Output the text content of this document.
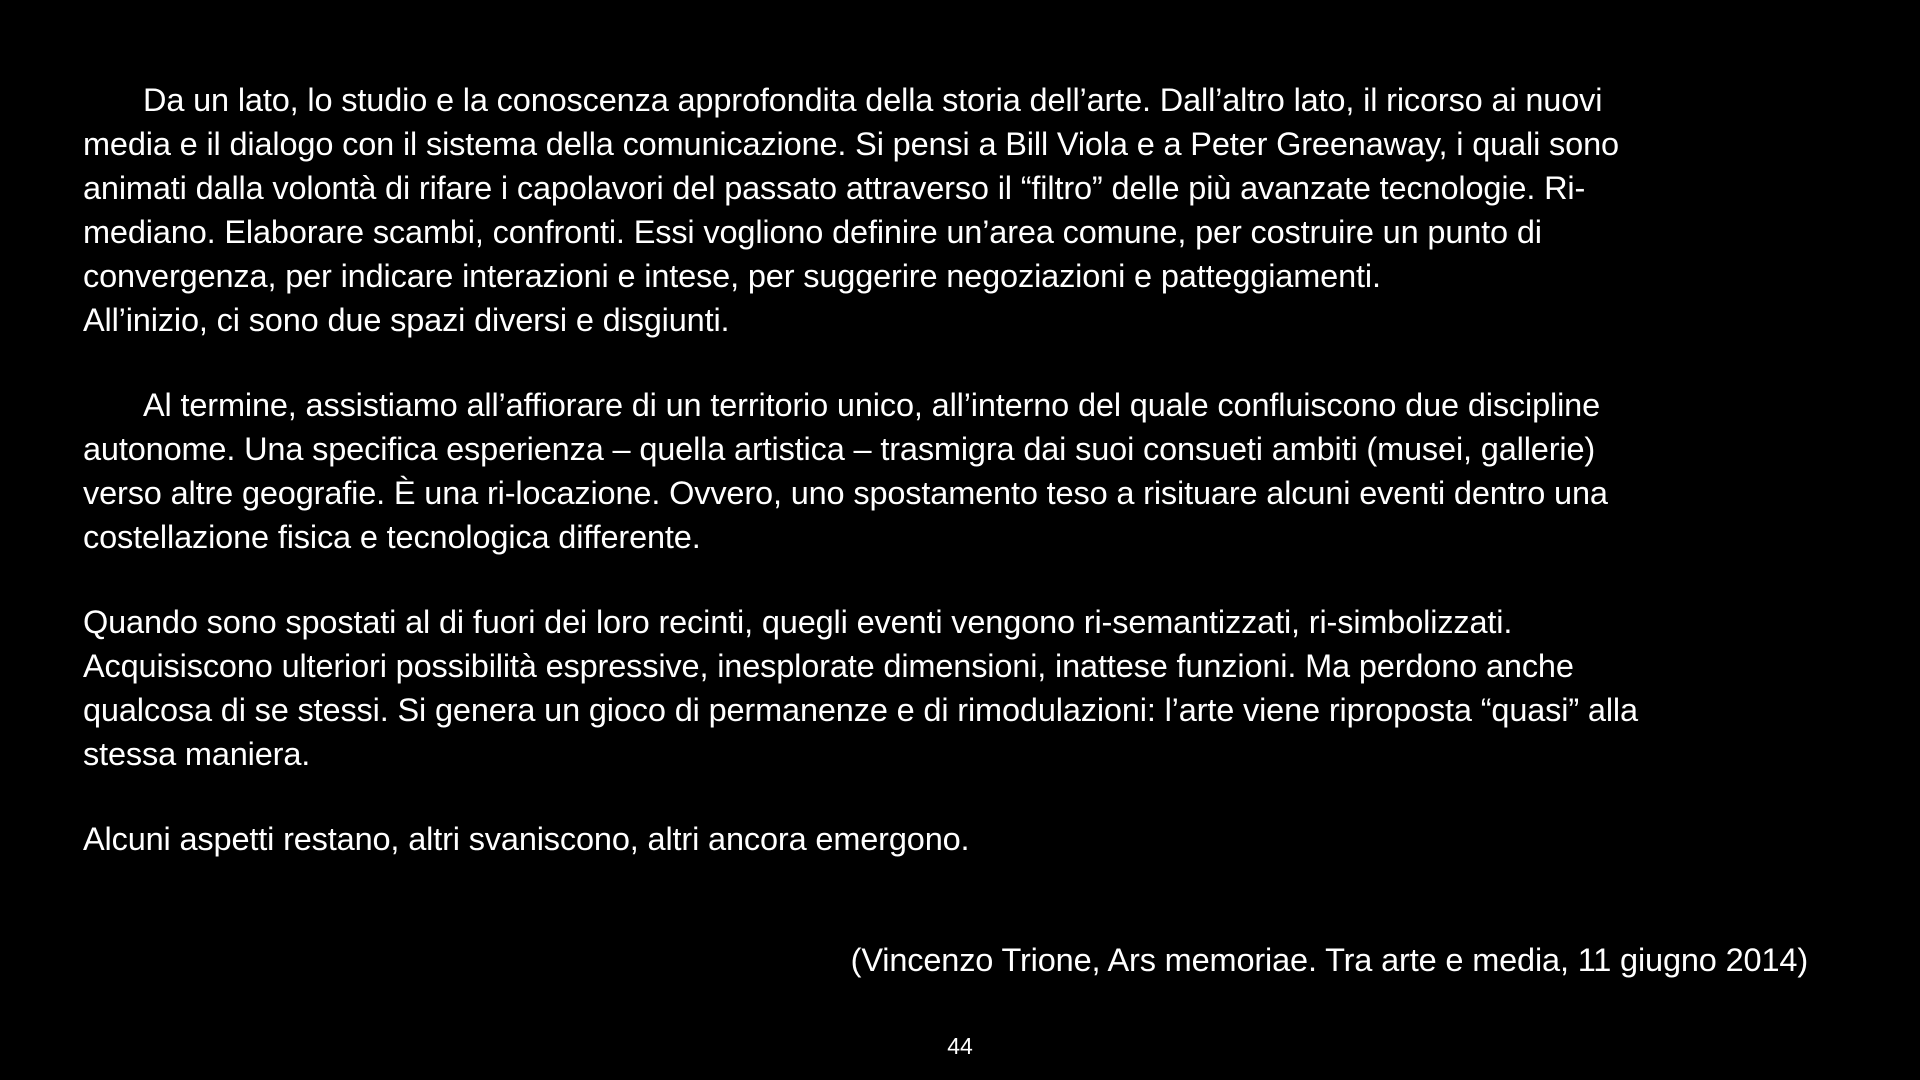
Da un lato, lo studio e la conoscenza approfondita della storia dell’arte. Dall’altro lato, il ricorso ai nuovi
media e il dialogo con il sistema della comunicazione. Si pensi a Bill Viola e a Peter Greenaway, i quali sono
animati dalla volontà di rifare i capolavori del passato attraverso il “filtro” delle più avanzate tecnologie. Ri-
mediano. Elaborare scambi, confronti. Essi vogliono definire un’area comune, per costruire un punto di
convergenza, per indicare interazioni e intese, per suggerire negoziazioni e patteggiamenti.
All’inizio, ci sono due spazi diversi e disgiunti.
Al termine, assistiamo all’affiorare di un territorio unico, all’interno del quale confluiscono due discipline
autonome. Una specifica esperienza – quella artistica – trasmigra dai suoi consueti ambiti (musei, gallerie)
verso altre geografie. È una ri-locazione. Ovvero, uno spostamento teso a risituare alcuni eventi dentro una
costellazione fisica e tecnologica differente.
Quando sono spostati al di fuori dei loro recinti, quegli eventi vengono ri-semantizzati, ri-simbolizzati.
Acquisiscono ulteriori possibilità espressive, inesplorate dimensioni, inattese funzioni. Ma perdono anche
qualcosa di se stessi. Si genera un gioco di permanenze e di rimodulazioni: l’arte viene riproposta “quasi” alla
stessa maniera.
Alcuni aspetti restano, altri svaniscono, altri ancora emergono.
(Vincenzo Trione, Ars memoriae. Tra arte e media, 11 giugno 2014)
44
